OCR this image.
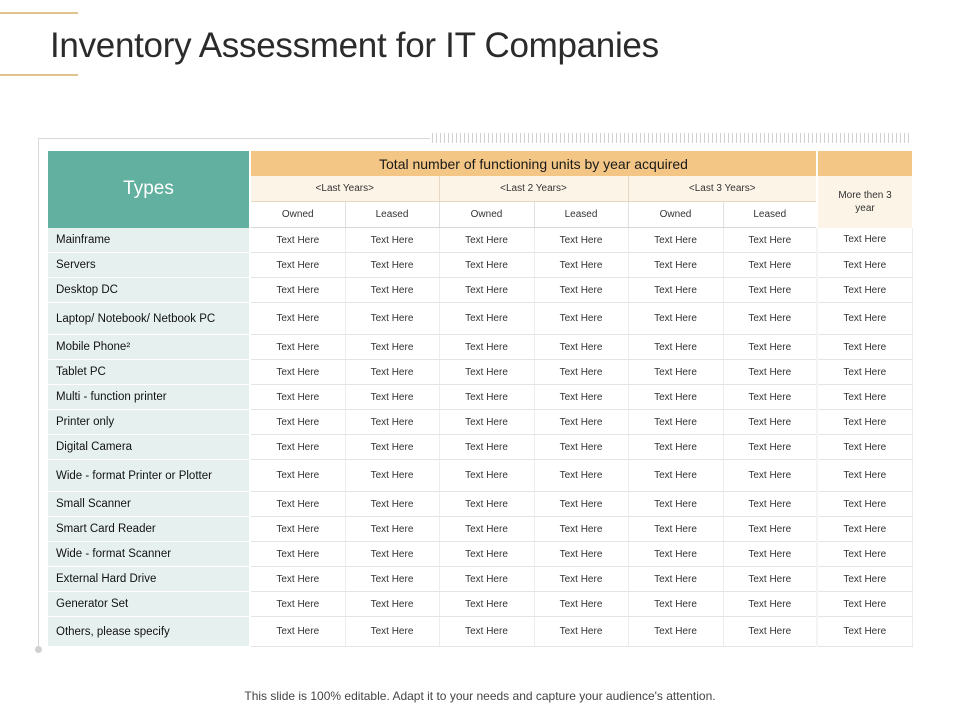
Inventory Assessment for IT Companies
Types	Total number of functioning units by year acquired						
	<Last Years>		<Last 2 Years>		<Last 3 Years>		More then 3 year
	Owned	Leased	Owned	Leased	Owned	Leased	
Mainframe	Text Here	Text Here	Text Here	Text Here	Text Here	Text Here	Text Here
Servers	Text Here	Text Here	Text Here	Text Here	Text Here	Text Here	Text Here
Desktop DC	Text Here	Text Here	Text Here	Text Here	Text Here	Text Here	Text Here
Laptop/ Notebook/ Netbook PC	Text Here	Text Here	Text Here	Text Here	Text Here	Text Here	Text Here
Mobile Phone²	Text Here	Text Here	Text Here	Text Here	Text Here	Text Here	Text Here
Tablet PC	Text Here	Text Here	Text Here	Text Here	Text Here	Text Here	Text Here
Multi - function printer	Text Here	Text Here	Text Here	Text Here	Text Here	Text Here	Text Here
Printer only	Text Here	Text Here	Text Here	Text Here	Text Here	Text Here	Text Here
Digital Camera	Text Here	Text Here	Text Here	Text Here	Text Here	Text Here	Text Here
Wide - format Printer or Plotter	Text Here	Text Here	Text Here	Text Here	Text Here	Text Here	Text Here
Small Scanner	Text Here	Text Here	Text Here	Text Here	Text Here	Text Here	Text Here
Smart Card Reader	Text Here	Text Here	Text Here	Text Here	Text Here	Text Here	Text Here
Wide - format Scanner	Text Here	Text Here	Text Here	Text Here	Text Here	Text Here	Text Here
External Hard Drive	Text Here	Text Here	Text Here	Text Here	Text Here	Text Here	Text Here
Generator Set	Text Here	Text Here	Text Here	Text Here	Text Here	Text Here	Text Here
Others, please specify	Text Here	Text Here	Text Here	Text Here	Text Here	Text Here	Text Here
This slide is 100% editable. Adapt it to your needs and capture your audience's attention.
